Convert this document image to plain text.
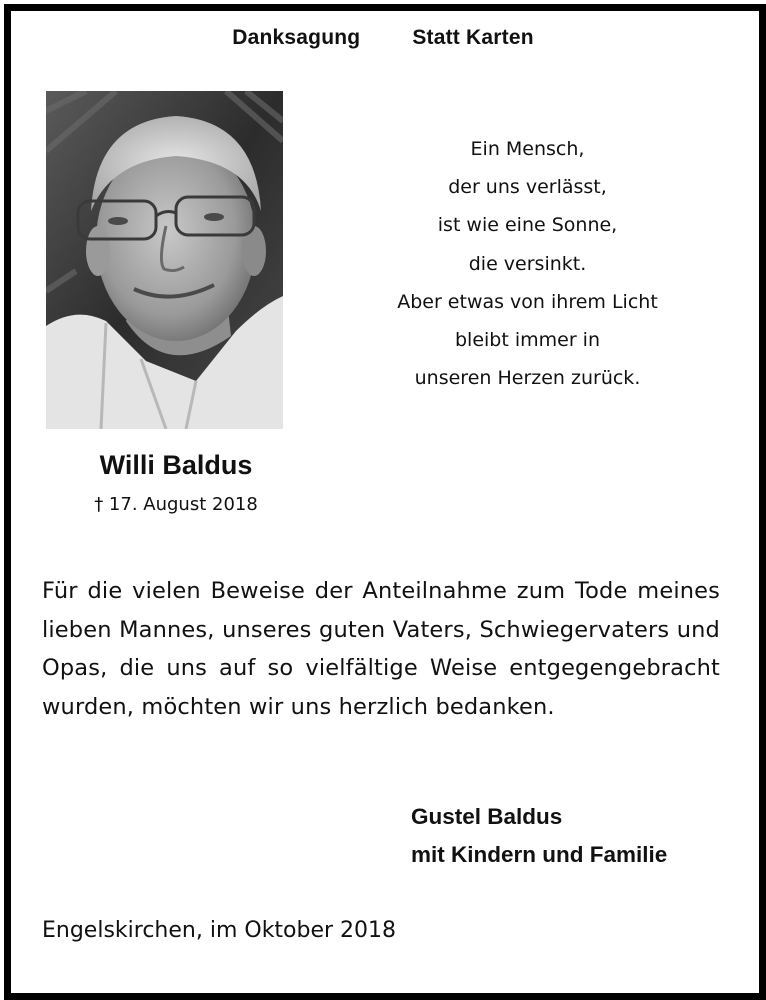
Danksagung Statt Karten
Ein Mensch,
der uns verlässt,
ist wie eine Sonne,
die versinkt.
Aber etwas von ihrem Licht
bleibt immer in
unseren Herzen zurück.
Willi Baldus
† 17. August 2018
Für die vielen Beweise der Anteilnahme zum Tode meines lieben Mannes, unseres guten Vaters, Schwiegervaters und Opas, die uns auf so vielfältige Weise entgegengebracht wurden, möchten wir uns herzlich bedanken.
Gustel Baldus
mit Kindern und Familie
Engelskirchen, im Oktober 2018
